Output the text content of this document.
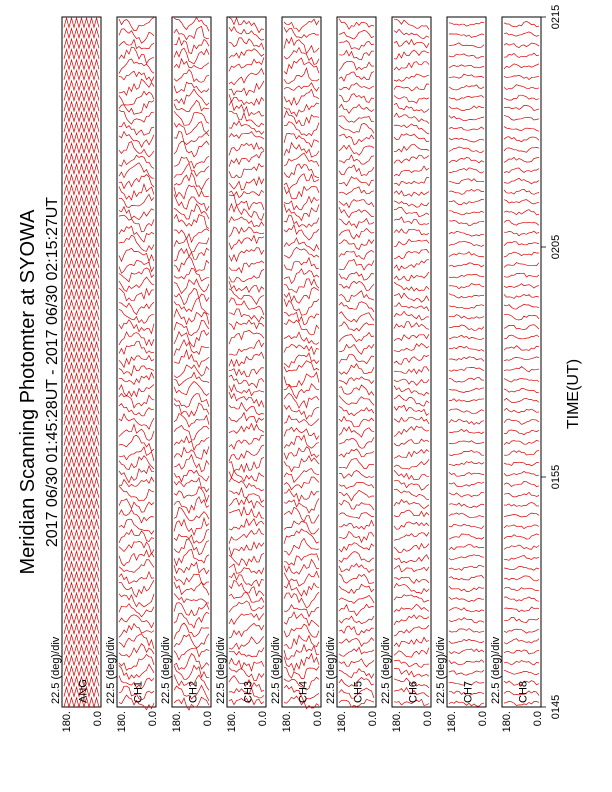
Meridian Scanning Photomter at SYOWA 2017 06/30 01:45:28UT - 2017 06/30 02:15:27UT
180. 0.0
ANG
22.5 (deg)/div
180. 0.0
CH1
22.5 (deg)/div
180. 0.0
CH2
22.5 (deg)/div
180. 0.0
CH3
22.5 (deg)/div
180. 0.0
CH4
22.5 (deg)/div
180. 0.0
CH5
22.5 (deg)/div
180. 0.0
CH6
22.5 (deg)/div
180. 0.0
CH7
22.5 (deg)/div
180. 0.0
CH8
22.5 (deg)/div
0145
0155
0205
0215
TIME(UT)
